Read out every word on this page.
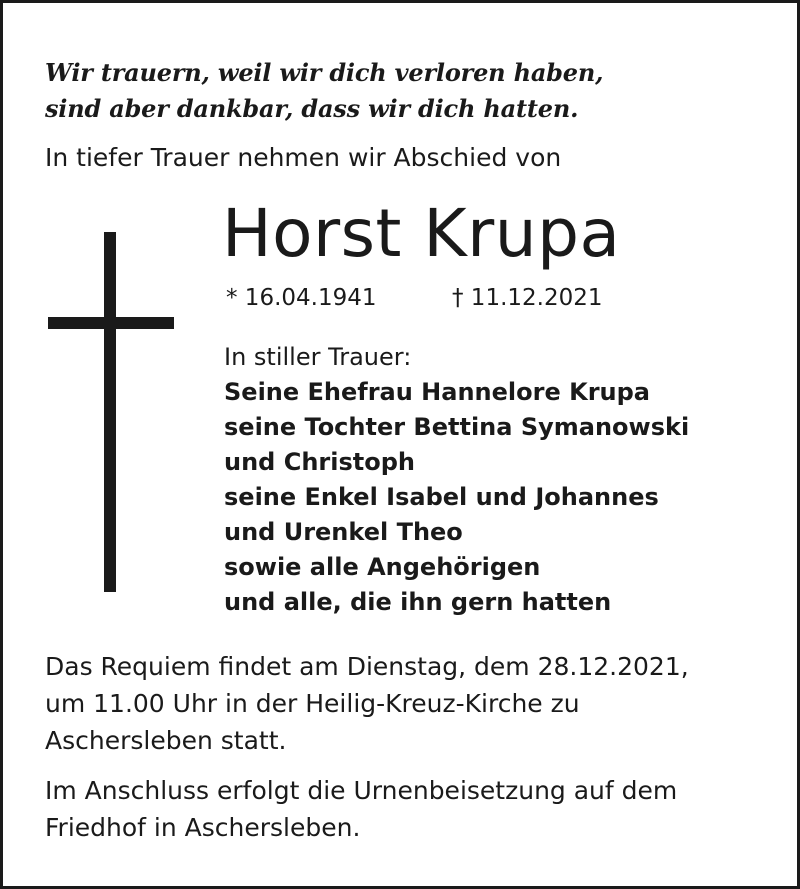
Wir trauern, weil wir dich verloren haben,
sind aber dankbar, dass wir dich hatten.
In tiefer Trauer nehmen wir Abschied von
Horst Krupa
* 16.04.1941	† 11.12.2021
In stiller Trauer:
Seine Ehefrau Hannelore Krupa
seine Tochter Bettina Symanowski
und Christoph
seine Enkel Isabel und Johannes
und Urenkel Theo
sowie alle Angehörigen
und alle, die ihn gern hatten
Das Requiem findet am Dienstag, dem 28.12.2021,
um 11.00 Uhr in der Heilig-Kreuz-Kirche zu
Aschersleben statt.
Im Anschluss erfolgt die Urnenbeisetzung auf dem
Friedhof in Aschersleben.
